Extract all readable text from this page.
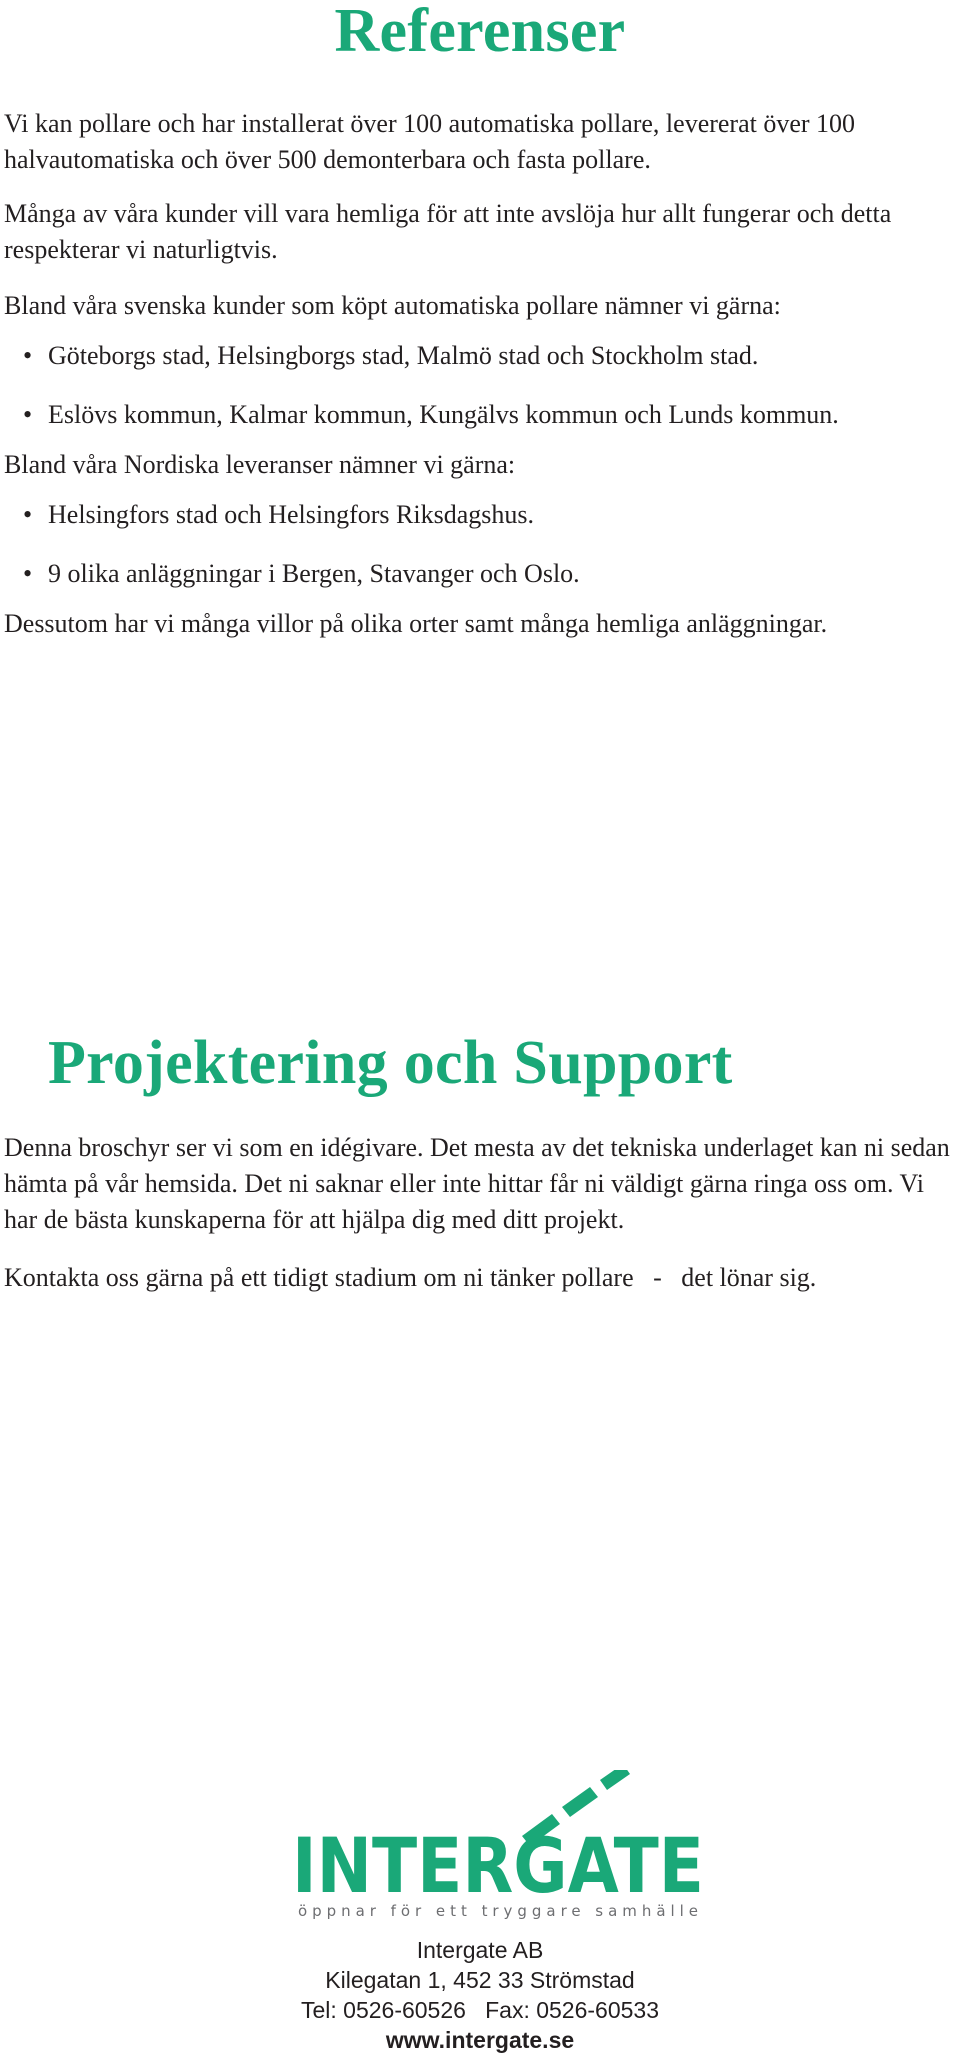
Referenser

Vi kan pollare och har installerat över 100 automatiska pollare, levererat över 100 halvautomatiska och över 500 demonterbara och fasta pollare.

Många av våra kunder vill vara hemliga för att inte avslöja hur allt fungerar och detta respekterar vi naturligtvis.

Bland våra svenska kunder som köpt automatiska pollare nämner vi gärna:

• Göteborgs stad, Helsingborgs stad, Malmö stad och Stockholm stad.
• Eslövs kommun, Kalmar kommun, Kungälvs kommun och Lunds kommun.

Bland våra Nordiska leveranser nämner vi gärna:

• Helsingfors stad och Helsingfors Riksdagshus.
• 9 olika anläggningar i Bergen, Stavanger och Oslo.

Dessutom har vi många villor på olika orter samt många hemliga anläggningar.

Projektering och Support

Denna broschyr ser vi som en idégivare. Det mesta av det tekniska underlaget kan ni sedan hämta på vår hemsida. Det ni saknar eller inte hittar får ni väldigt gärna ringa oss om. Vi har de bästa kunskaperna för att hjälpa dig med ditt projekt.

Kontakta oss gärna på ett tidigt stadium om ni tänker pollare   -   det lönar sig.

INTERGATE
öppnar för ett tryggare samhälle
Intergate AB
Kilegatan 1, 452 33 Strömstad
Tel: 0526-60526   Fax: 0526-60533
www.intergate.se
